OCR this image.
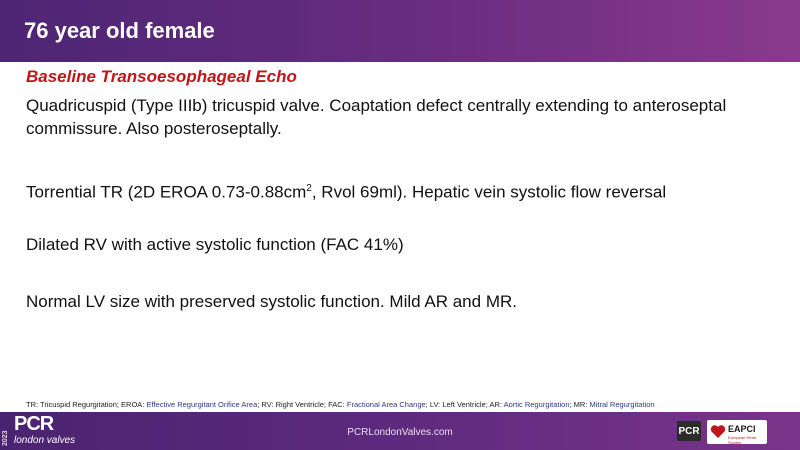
76 year old female
Baseline Transoesophageal Echo
Quadricuspid (Type IIIb) tricuspid valve. Coaptation defect centrally extending to anteroseptal commissure. Also posteroseptally.
Torrential TR (2D EROA $0.73-0.88cm^2$, Rvol 69ml). Hepatic vein systolic flow reversal
Dilated RV with active systolic function (FAC 41%)
Normal LV size with preserved systolic function. Mild AR and MR.
TR: Tricuspid Regurgitation; EROA: Effective Regurgitant Orifice Area; RV: Right Ventricle; FAC: Fractional Area Change; LV: Left Ventricle; AR: Aortic Regurgitation; MR: Mitral Regurgitation
2023
PCR
london valves
PCRLondonValves.com	PCR	EAPCI
European Heart Society
